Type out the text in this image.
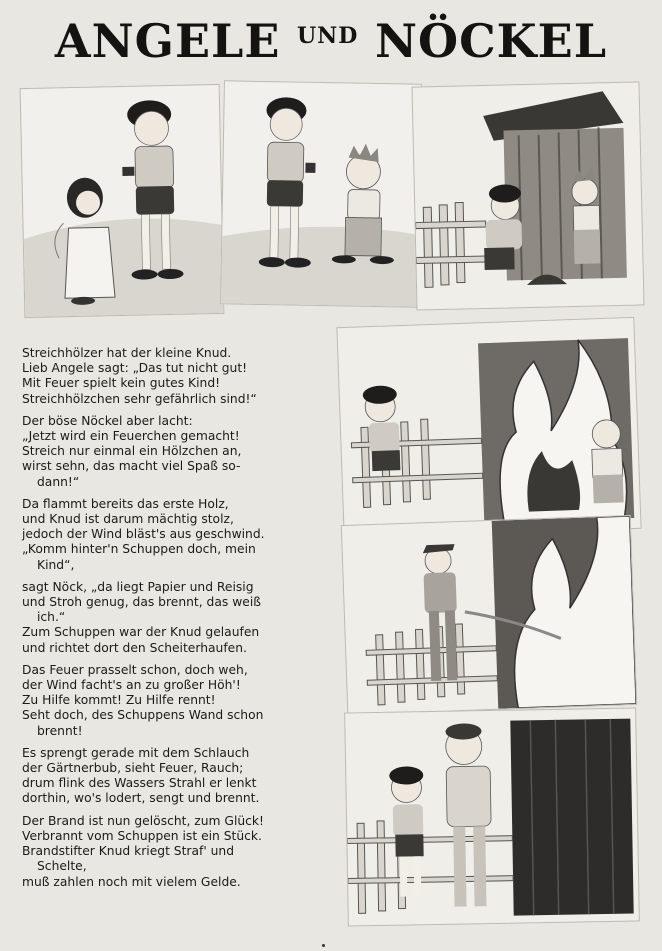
ANGELE UND NÖCKEL
Streichhölzer hat der kleine Knud.
Lieb Angele sagt: „Das tut nicht gut!
Mit Feuer spielt kein gutes Kind!
Streichhölzchen sehr gefährlich sind!“
Der böse Nöckel aber lacht:
„Jetzt wird ein Feuerchen gemacht!
Streich nur einmal ein Hölzchen an,
wirst sehn, das macht viel Spaß so-
dann!“
Da flammt bereits das erste Holz,
und Knud ist darum mächtig stolz,
jedoch der Wind bläst's aus geschwind.
„Komm hinter'n Schuppen doch, mein
Kind“,
sagt Nöck, „da liegt Papier und Reisig
und Stroh genug, das brennt, das weiß
ich.“
Zum Schuppen war der Knud gelaufen
und richtet dort den Scheiterhaufen.
Das Feuer prasselt schon, doch weh,
der Wind facht's an zu großer Höh'!
Zu Hilfe kommt! Zu Hilfe rennt!
Seht doch, des Schuppens Wand schon
brennt!
Es sprengt gerade mit dem Schlauch
der Gärtnerbub, sieht Feuer, Rauch;
drum flink des Wassers Strahl er lenkt
dorthin, wo's lodert, sengt und brennt.
Der Brand ist nun gelöscht, zum Glück!
Verbrannt vom Schuppen ist ein Stück.
Brandstifter Knud kriegt Straf' und
Schelte,
muß zahlen noch mit vielem Gelde.
